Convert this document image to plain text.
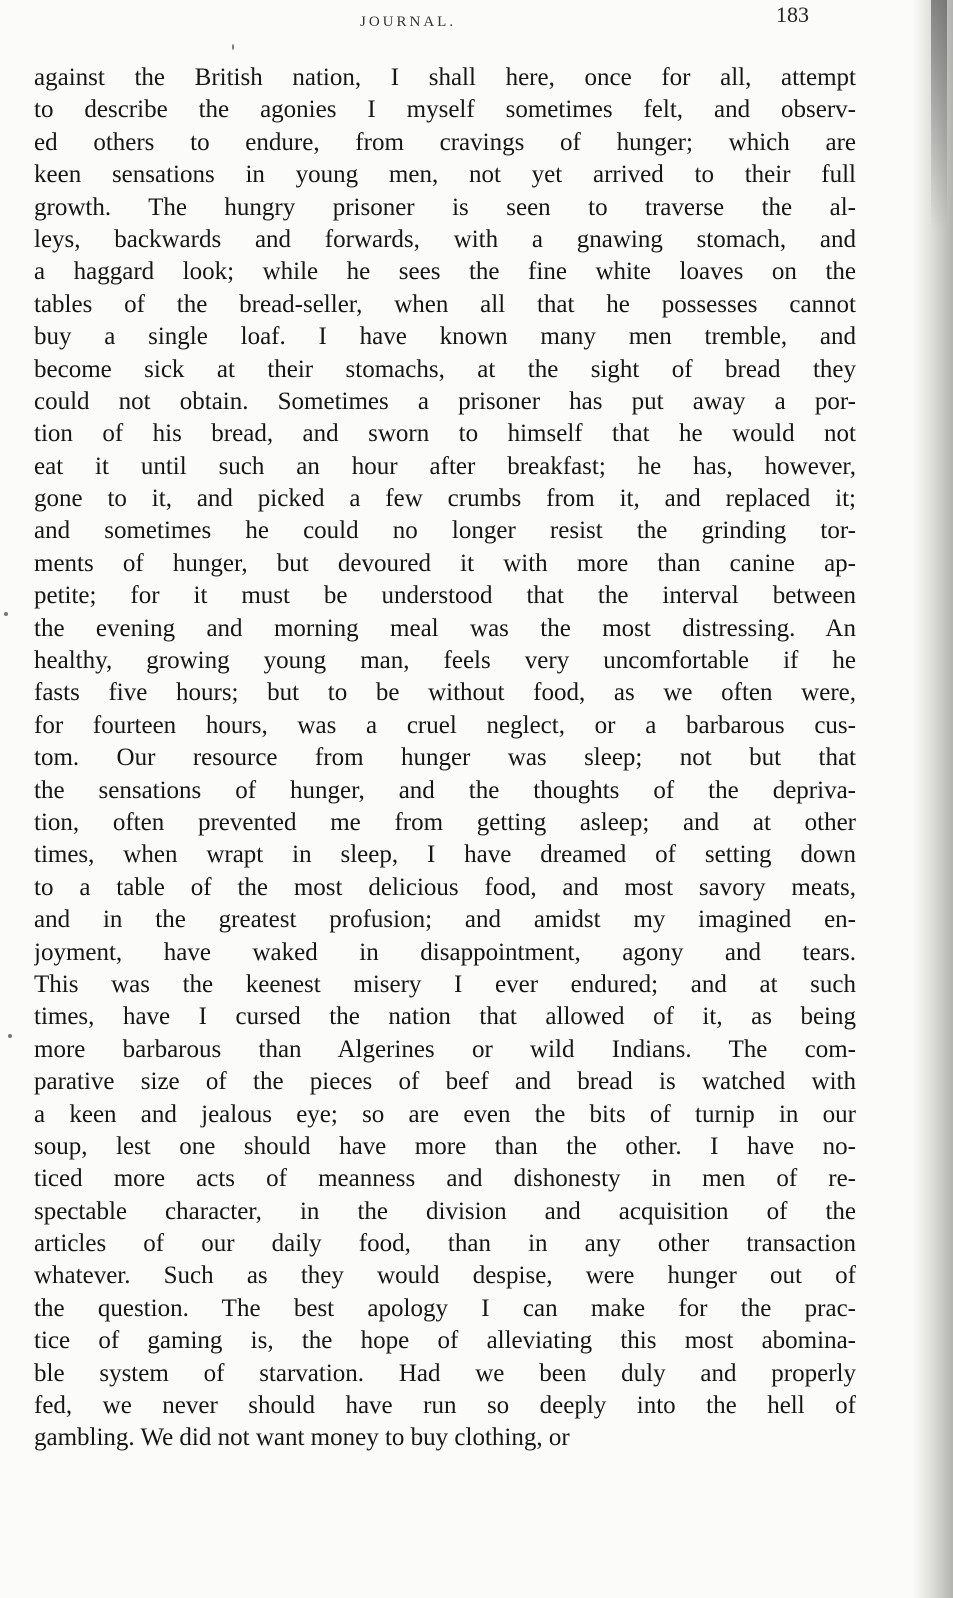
JOURNAL.	183
against the British nation, I shall here, once for all, attempt
to describe the agonies I myself sometimes felt, and observ-
ed others to endure, from cravings of hunger; which are
keen sensations in young men, not yet arrived to their full
growth. The hungry prisoner is seen to traverse the al-
leys, backwards and forwards, with a gnawing stomach, and
a haggard look; while he sees the fine white loaves on the
tables of the bread-seller, when all that he possesses cannot
buy a single loaf. I have known many men tremble, and
become sick at their stomachs, at the sight of bread they
could not obtain. Sometimes a prisoner has put away a por-
tion of his bread, and sworn to himself that he would not
eat it until such an hour after breakfast; he has, however,
gone to it, and picked a few crumbs from it, and replaced it;
and sometimes he could no longer resist the grinding tor-
ments of hunger, but devoured it with more than canine ap-
petite; for it must be understood that the interval between
the evening and morning meal was the most distressing. An
healthy, growing young man, feels very uncomfortable if he
fasts five hours; but to be without food, as we often were,
for fourteen hours, was a cruel neglect, or a barbarous cus-
tom. Our resource from hunger was sleep; not but that
the sensations of hunger, and the thoughts of the depriva-
tion, often prevented me from getting asleep; and at other
times, when wrapt in sleep, I have dreamed of setting down
to a table of the most delicious food, and most savory meats,
and in the greatest profusion; and amidst my imagined en-
joyment, have waked in disappointment, agony and tears.
This was the keenest misery I ever endured; and at such
times, have I cursed the nation that allowed of it, as being
more barbarous than Algerines or wild Indians. The com-
parative size of the pieces of beef and bread is watched with
a keen and jealous eye; so are even the bits of turnip in our
soup, lest one should have more than the other. I have no-
ticed more acts of meanness and dishonesty in men of re-
spectable character, in the division and acquisition of the
articles of our daily food, than in any other transaction
whatever. Such as they would despise, were hunger out of
the question. The best apology I can make for the prac-
tice of gaming is, the hope of alleviating this most abomina-
ble system of starvation. Had we been duly and properly
fed, we never should have run so deeply into the hell of
gambling. We did not want money to buy clothing, or
